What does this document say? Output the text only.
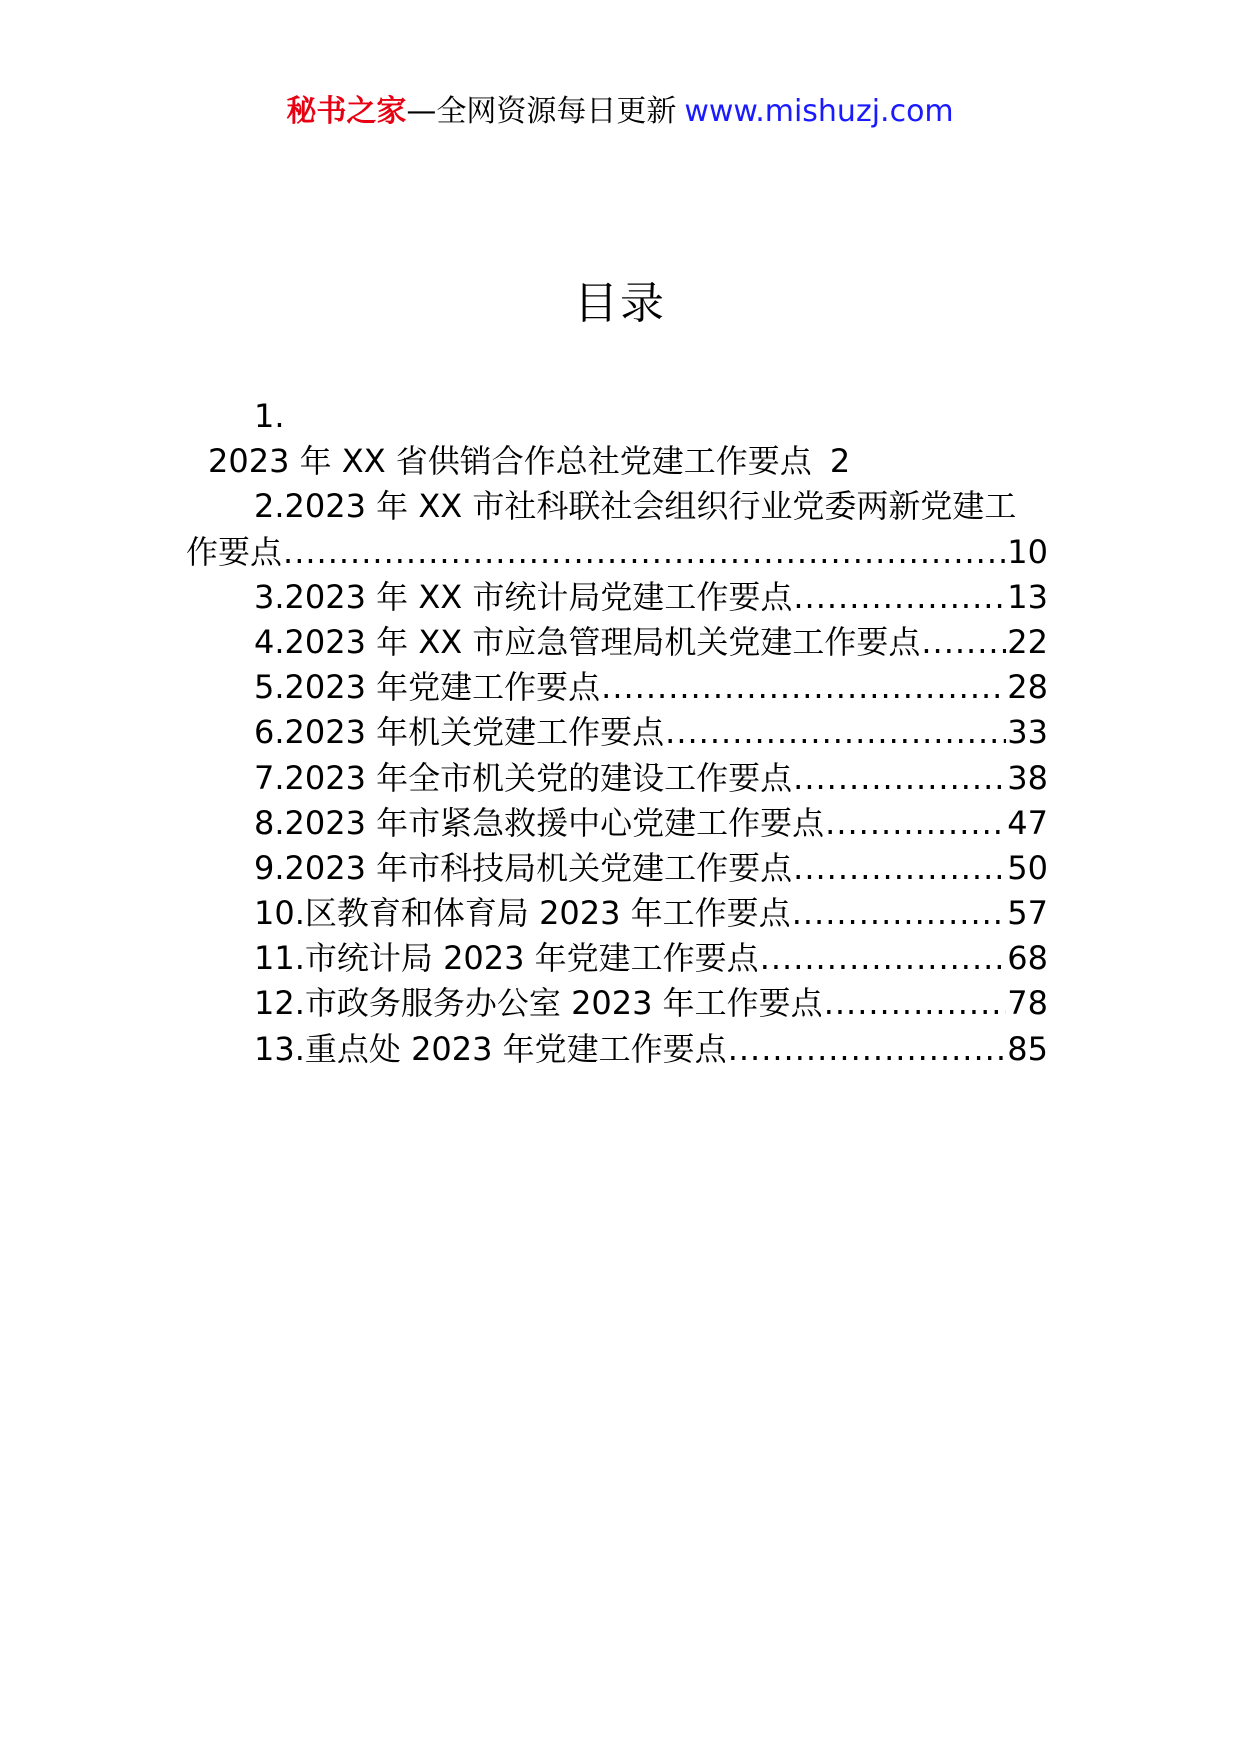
秘书之家—全网资源每日更新 www.mishuzj.com
目录
1.
2023 年 XX 省供销合作总社党建工作要点 2
2.2023 年 XX 市社科联社会组织行业党委两新党建工
作要点 .....	10
3.2023 年 XX 市统计局党建工作要点 .....	13
4.2023 年 XX 市应急管理局机关党建工作要点 .....	22
5.2023 年党建工作要点 .....	28
6.2023 年机关党建工作要点 .....	33
7.2023 年全市机关党的建设工作要点 .....	38
8.2023 年市紧急救援中心党建工作要点 .....	47
9.2023 年市科技局机关党建工作要点 .....	50
10.区教育和体育局 2023 年工作要点 .....	57
11.市统计局 2023 年党建工作要点 .....	68
12.市政务服务办公室 2023 年工作要点 .....	78
13.重点处 2023 年党建工作要点 .....	85
